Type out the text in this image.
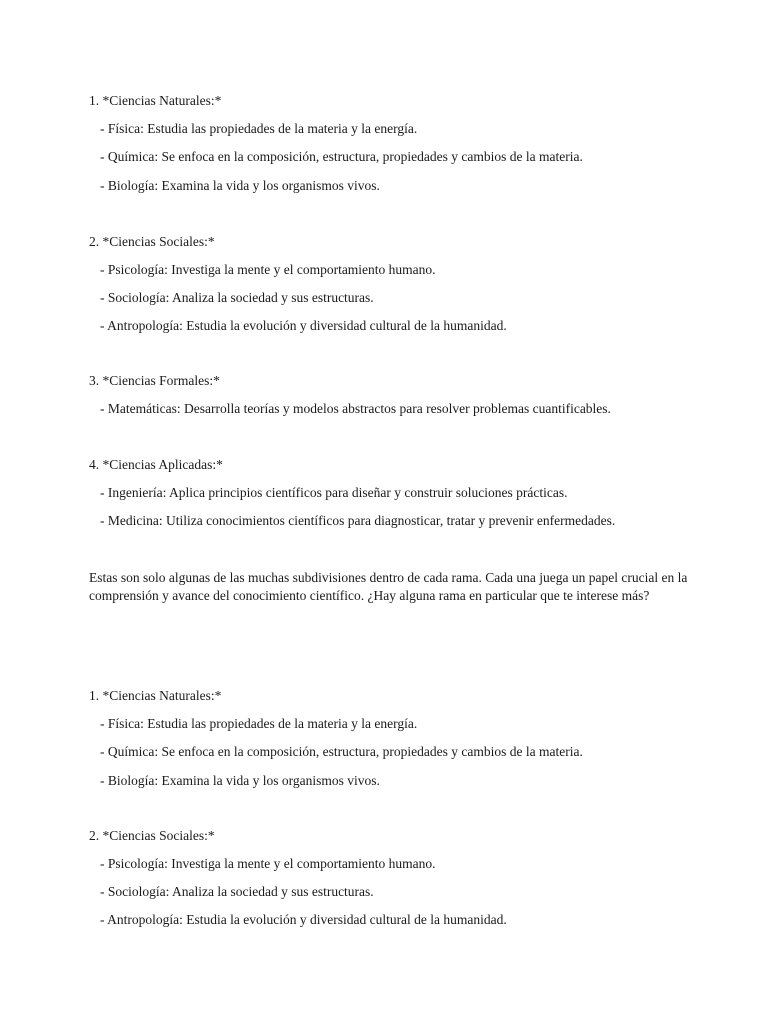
1. *Ciencias Naturales:*
- Física: Estudia las propiedades de la materia y la energía.
- Química: Se enfoca en la composición, estructura, propiedades y cambios de la materia.
- Biología: Examina la vida y los organismos vivos.
2. *Ciencias Sociales:*
- Psicología: Investiga la mente y el comportamiento humano.
- Sociología: Analiza la sociedad y sus estructuras.
- Antropología: Estudia la evolución y diversidad cultural de la humanidad.
3. *Ciencias Formales:*
- Matemáticas: Desarrolla teorías y modelos abstractos para resolver problemas cuantificables.
4. *Ciencias Aplicadas:*
- Ingeniería: Aplica principios científicos para diseñar y construir soluciones prácticas.
- Medicina: Utiliza conocimientos científicos para diagnosticar, tratar y prevenir enfermedades.
Estas son solo algunas de las muchas subdivisiones dentro de cada rama. Cada una juega un papel crucial en la comprensión y avance del conocimiento científico. ¿Hay alguna rama en particular que te interese más?
1. *Ciencias Naturales:*
- Física: Estudia las propiedades de la materia y la energía.
- Química: Se enfoca en la composición, estructura, propiedades y cambios de la materia.
- Biología: Examina la vida y los organismos vivos.
2. *Ciencias Sociales:*
- Psicología: Investiga la mente y el comportamiento humano.
- Sociología: Analiza la sociedad y sus estructuras.
- Antropología: Estudia la evolución y diversidad cultural de la humanidad.
